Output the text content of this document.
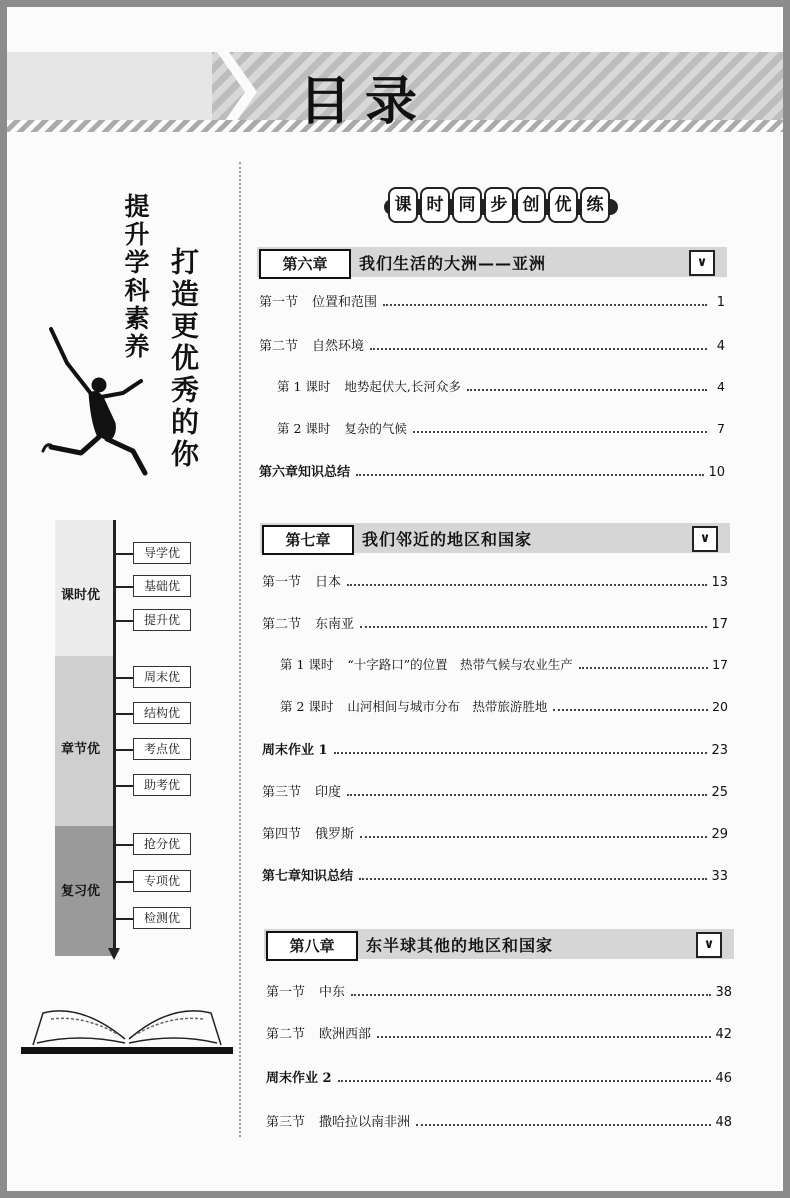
目录
提升学科素养 打造更优秀的你
课时优
章节优
复习优
导学优
基础优
提升优
周末优
结构优
考点优
助考优
抢分优
专项优
检测优
课 时 同 步 创 优 练
第六章	我们生活的大洲——亚洲	∨
第一节 位置和范围	1
第二节 自然环境	4
第 1 课时 地势起伏大,长河众多	4
第 2 课时 复杂的气候	7
第六章知识总结	10
第七章	我们邻近的地区和国家	∨
第一节 日本	13
第二节 东南亚	17
第 1 课时 “十字路口”的位置　热带气候与农业生产	17
第 2 课时 山河相间与城市分布　热带旅游胜地	20
周末作业 1	23
第三节 印度	25
第四节 俄罗斯	29
第七章知识总结	33
第八章	东半球其他的地区和国家	∨
第一节 中东	38
第二节 欧洲西部	42
周末作业 2	46
第三节 撒哈拉以南非洲	48
